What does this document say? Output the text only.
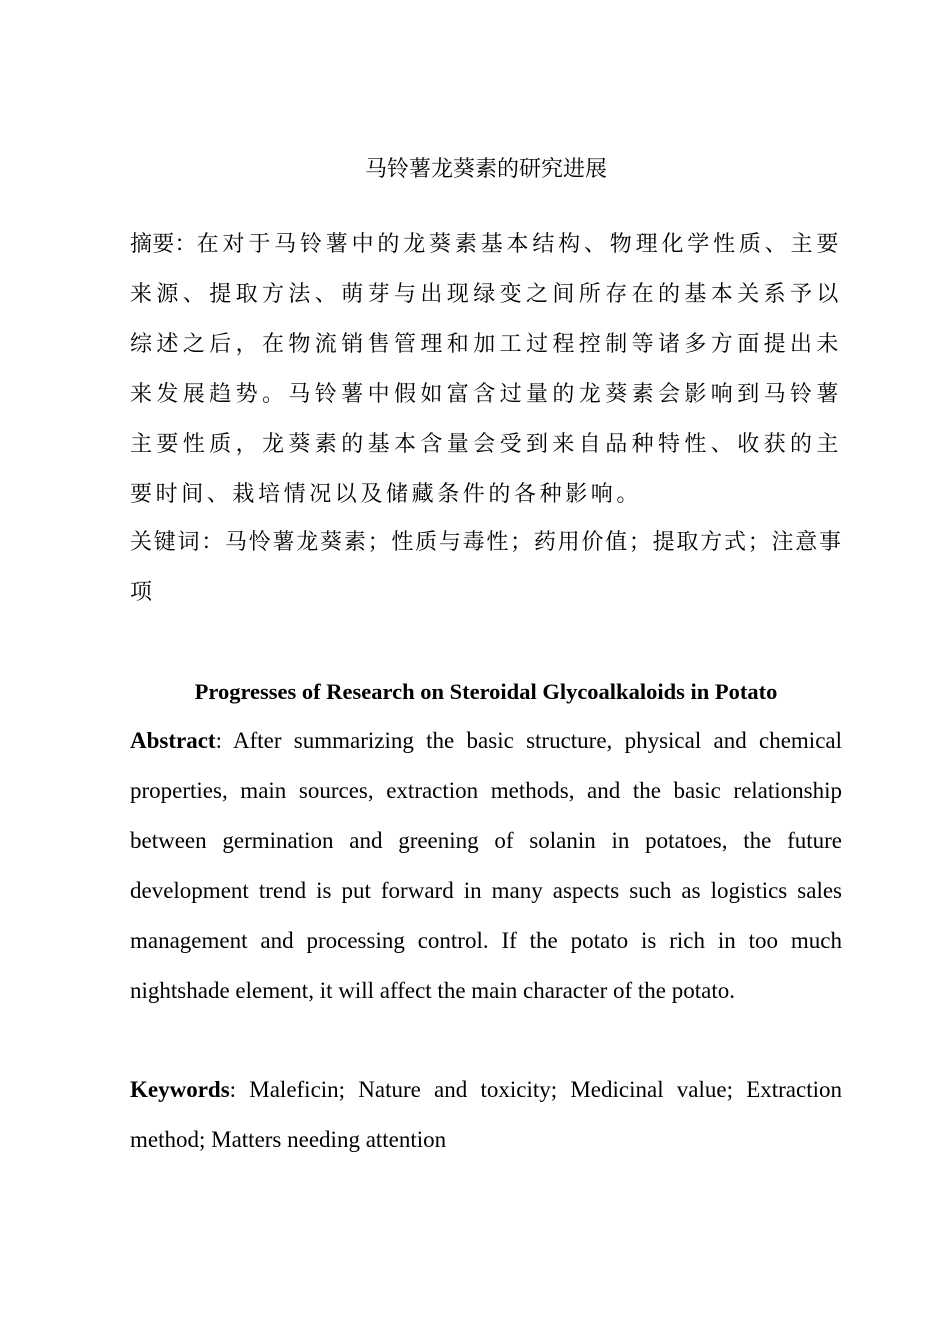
马铃薯龙葵素的研究进展

摘要：在对于马铃薯中的龙葵素基本结构、物理化学性质、主要来源、提取方法、萌芽与出现绿变之间所存在的基本关系予以综述之后，在物流销售管理和加工过程控制等诸多方面提出未来发展趋势。马铃薯中假如富含过量的龙葵素会影响到马铃薯主要性质，龙葵素的基本含量会受到来自品种特性、收获的主要时间、栽培情况以及储藏条件的各种影响。

关键词：马怜薯龙葵素；性质与毒性；药用价值；提取方式；注意事项

Progresses of Research on Steroidal Glycoalkaloids in Potato

Abstract: After summarizing the basic structure, physical and chemical properties, main sources, extraction methods, and the basic relationship between germination and greening of solanin in potatoes, the future development trend is put forward in many aspects such as logistics sales management and processing control. If the potato is rich in too much nightshade element, it will affect the main character of the potato.

Keywords: Maleficin; Nature and toxicity; Medicinal value; Extraction method; Matters needing attention
